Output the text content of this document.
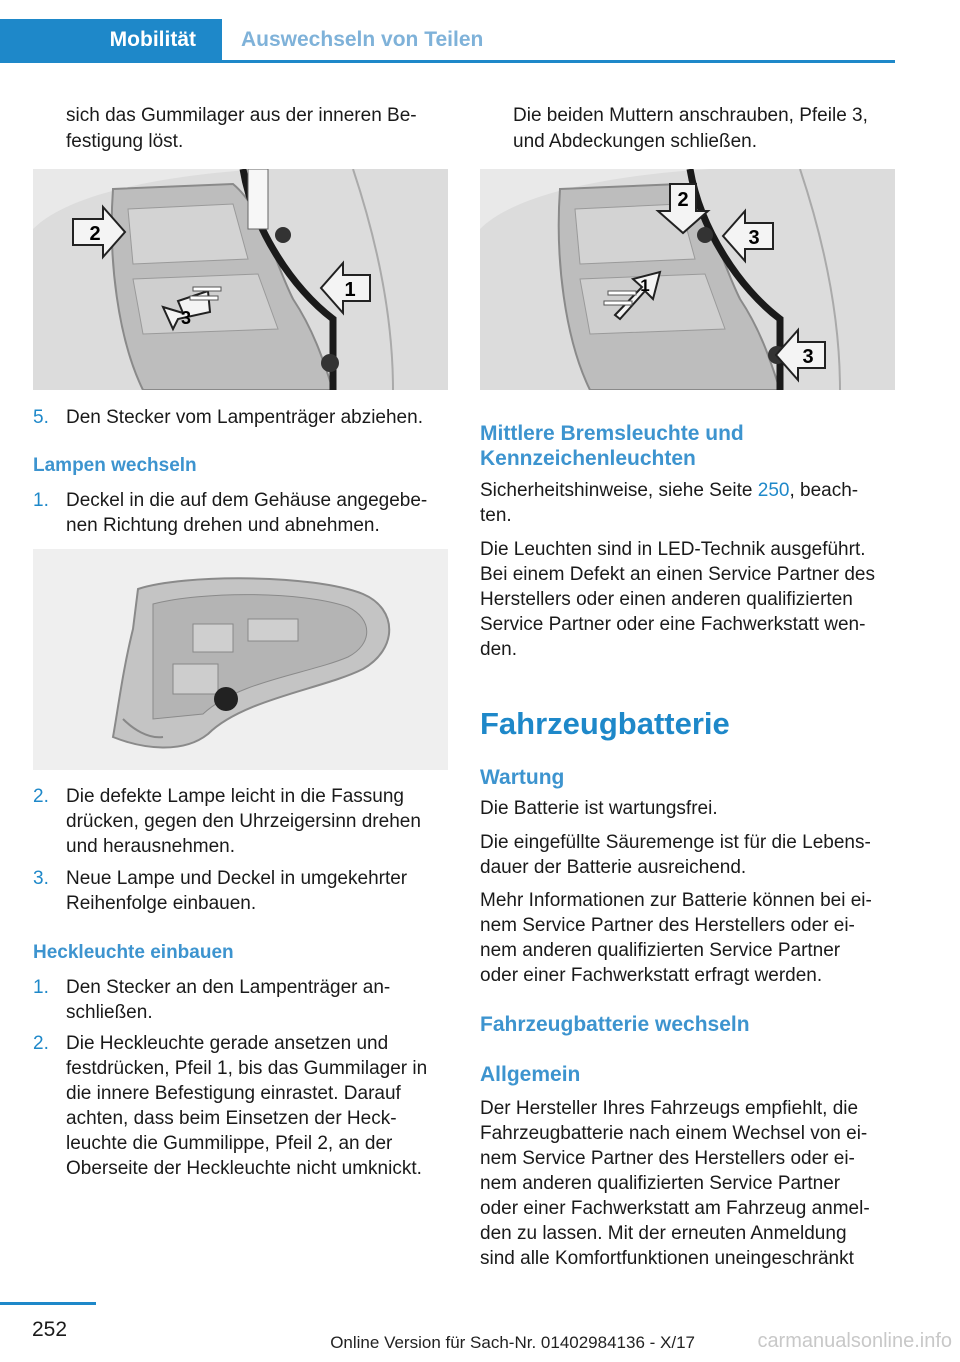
Mobilität	Auswechseln von Teilen
sich das Gummilager aus der inneren Be-
festigung löst.
2
1
3
5. Den Stecker vom Lampenträger abziehen.
Lampen wechseln
1. Deckel in die auf dem Gehäuse angegebe-
nen Richtung drehen und abnehmen.
2. Die defekte Lampe leicht in die Fassung
drücken, gegen den Uhrzeigersinn drehen
und herausnehmen.
3. Neue Lampe und Deckel in umgekehrter
Reihenfolge einbauen.
Heckleuchte einbauen
1. Den Stecker an den Lampenträger an-
schließen.
2. Die Heckleuchte gerade ansetzen und
festdrücken, Pfeil 1, bis das Gummilager in
die innere Befestigung einrastet. Darauf
achten, dass beim Einsetzen der Heck-
leuchte die Gummilippe, Pfeil 2, an der
Oberseite der Heckleuchte nicht umknickt.
Die beiden Muttern anschrauben, Pfeile 3,
und Abdeckungen schließen.
2
3
1
3
Mittlere Bremsleuchte und
Kennzeichenleuchten
Sicherheitshinweise, siehe Seite 250, beach-
ten.
Die Leuchten sind in LED-Technik ausgeführt.
Bei einem Defekt an einen Service Partner des
Herstellers oder einen anderen qualifizierten
Service Partner oder eine Fachwerkstatt wen-
den.
Fahrzeugbatterie
Wartung
Die Batterie ist wartungsfrei.
Die eingefüllte Säuremenge ist für die Lebens-
dauer der Batterie ausreichend.
Mehr Informationen zur Batterie können bei ei-
nem Service Partner des Herstellers oder ei-
nem anderen qualifizierten Service Partner
oder einer Fachwerkstatt erfragt werden.
Fahrzeugbatterie wechseln
Allgemein
Der Hersteller Ihres Fahrzeugs empfiehlt, die
Fahrzeugbatterie nach einem Wechsel von ei-
nem Service Partner des Herstellers oder ei-
nem anderen qualifizierten Service Partner
oder einer Fachwerkstatt am Fahrzeug anmel-
den zu lassen. Mit der erneuten Anmeldung
sind alle Komfortfunktionen uneingeschränkt
252
Online Version für Sach-Nr. 01402984136 - X/17	carmanualsonline.info
